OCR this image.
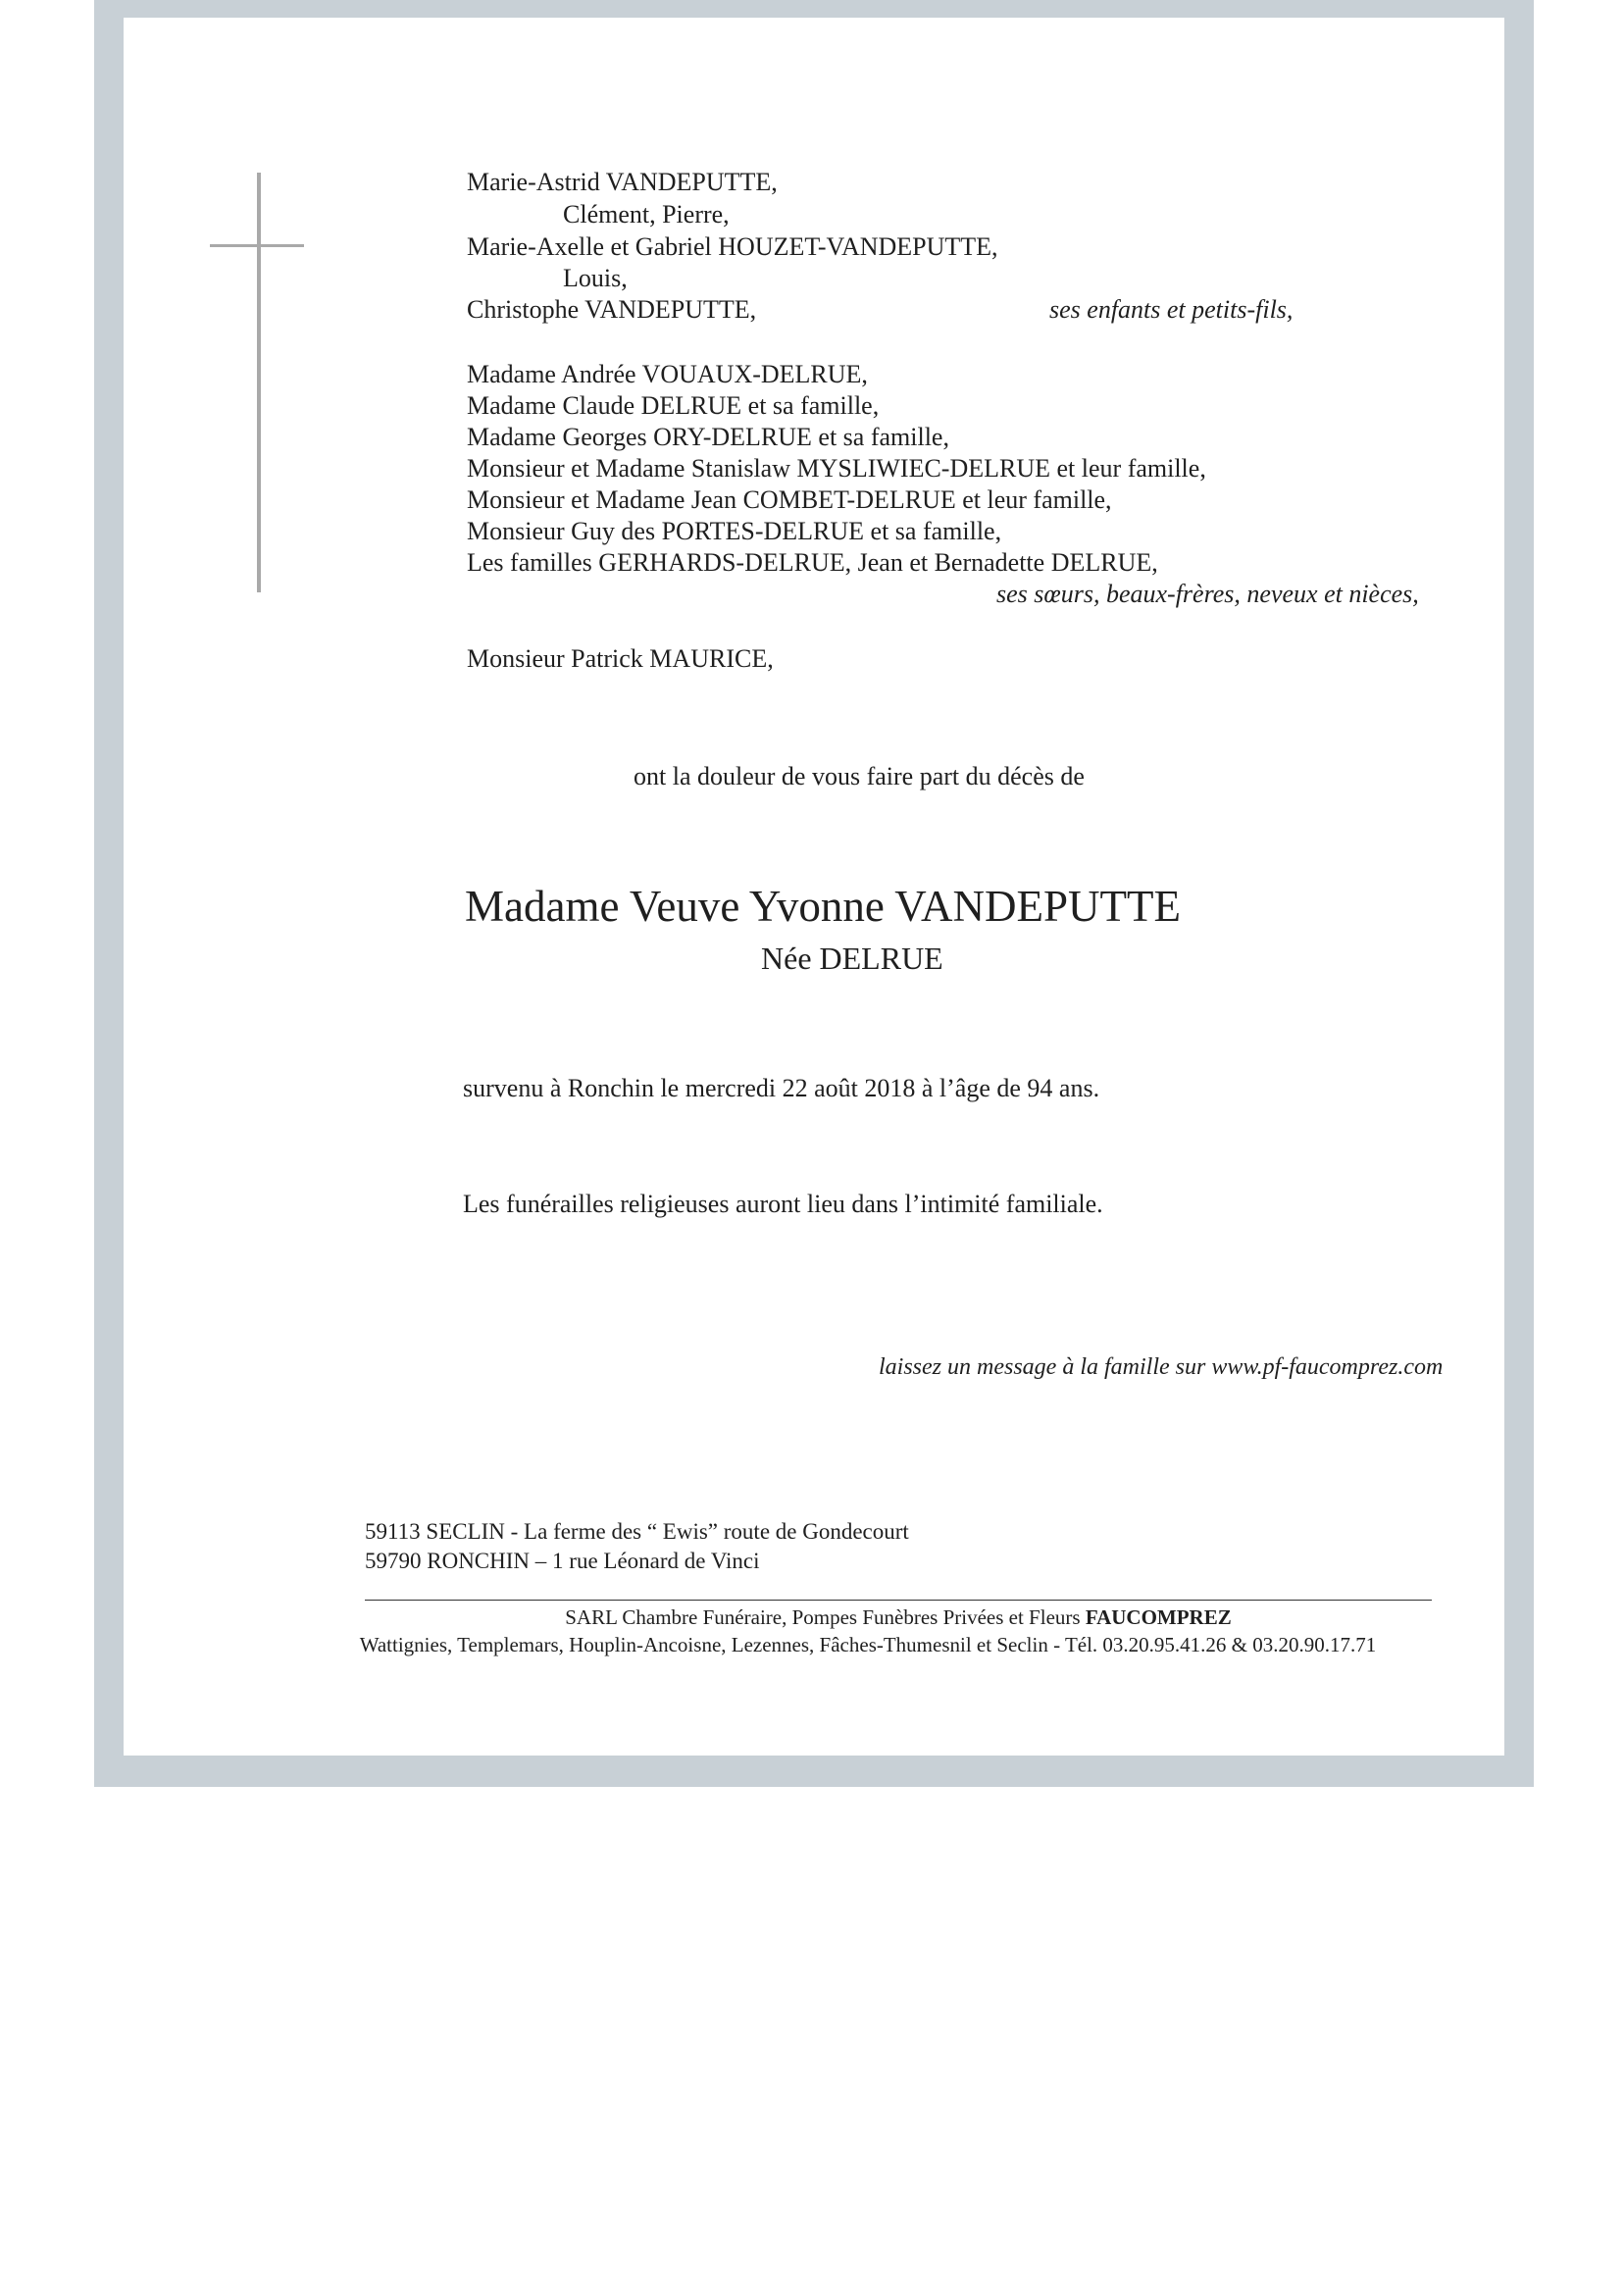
Marie-Astrid VANDEPUTTE,
Clément, Pierre,
Marie-Axelle et Gabriel HOUZET-VANDEPUTTE,
Louis,
Christophe VANDEPUTTE,	ses enfants et petits-fils,
Madame Andrée VOUAUX-DELRUE,
Madame Claude DELRUE et sa famille,
Madame Georges ORY-DELRUE et sa famille,
Monsieur et Madame Stanislaw MYSLIWIEC-DELRUE et leur famille,
Monsieur et Madame Jean COMBET-DELRUE et leur famille,
Monsieur Guy des PORTES-DELRUE et sa famille,
Les familles GERHARDS-DELRUE, Jean et Bernadette DELRUE,
ses sœurs, beaux-frères, neveux et nièces,
Monsieur Patrick MAURICE,
ont la douleur de vous faire part du décès de
Madame Veuve Yvonne VANDEPUTTE
Née DELRUE
survenu à Ronchin le mercredi 22 août 2018 à l’âge de 94 ans.
Les funérailles religieuses auront lieu dans l’intimité familiale.
laissez un message à la famille sur www.pf-faucomprez.com
59113 SECLIN - La ferme des “ Ewis” route de Gondecourt
59790 RONCHIN – 1 rue Léonard de Vinci
SARL Chambre Funéraire, Pompes Funèbres Privées et Fleurs FAUCOMPREZ
Wattignies, Templemars, Houplin-Ancoisne, Lezennes, Fâches-Thumesnil et Seclin - Tél. 03.20.95.41.26 & 03.20.90.17.71
